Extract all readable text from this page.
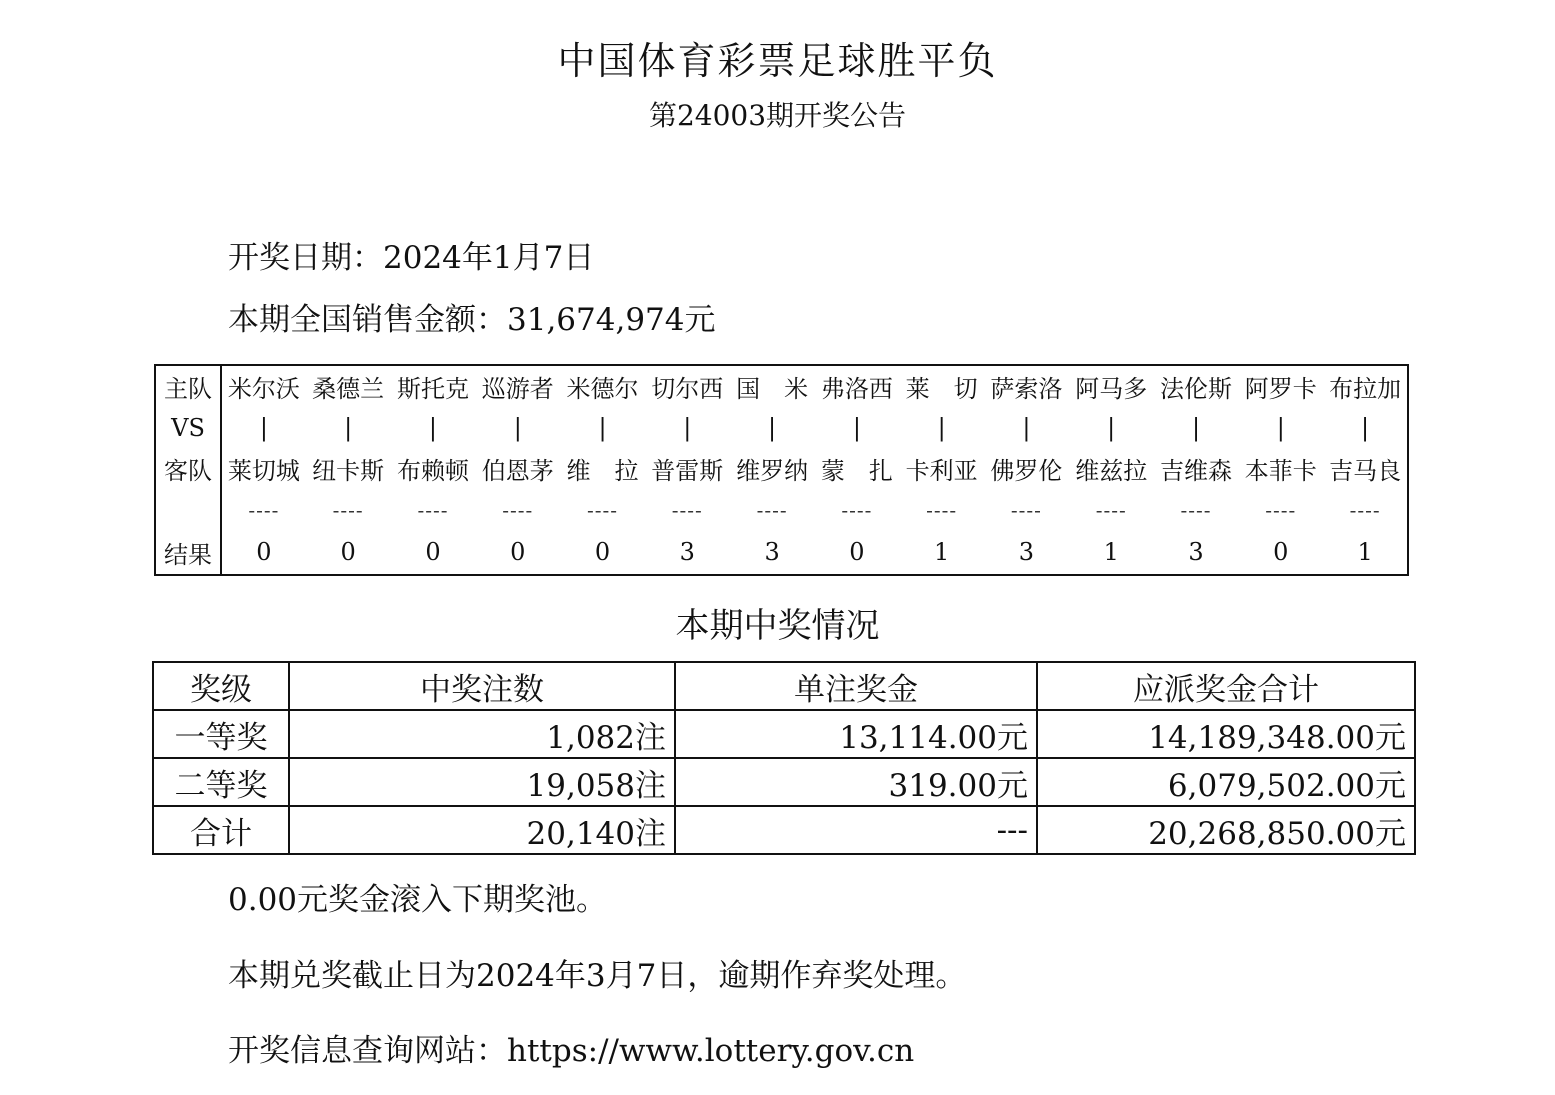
中国体育彩票足球胜平负
第24003期开奖公告
开奖日期：2024年1月7日
本期全国销售金额：31,674,974元
主队	米尔沃	桑德兰	斯托克	巡游者	米德尔	切尔西	国　米	弗洛西	莱　切	萨索洛	阿马多	法伦斯	阿罗卡	布拉加
VS	|	|	|	|	|	|	|	|	|	|	|	|	|	|
客队	莱切城	纽卡斯	布赖顿	伯恩茅	维　拉	普雷斯	维罗纳	蒙　扎	卡利亚	佛罗伦	维兹拉	吉维森	本菲卡	吉马良
	----	----	----	----	----	----	----	----	----	----	----	----	----	----
结果	0	0	0	0	0	3	3	0	1	3	1	3	0	1
本期中奖情况
奖级	中奖注数	单注奖金	应派奖金合计
一等奖	1,082注	13,114.00元	14,189,348.00元
二等奖	19,058注	319.00元	6,079,502.00元
合计	20,140注	---	20,268,850.00元
0.00元奖金滚入下期奖池。
本期兑奖截止日为2024年3月7日，逾期作弃奖处理。
开奖信息查询网站：https://www.lottery.gov.cn
